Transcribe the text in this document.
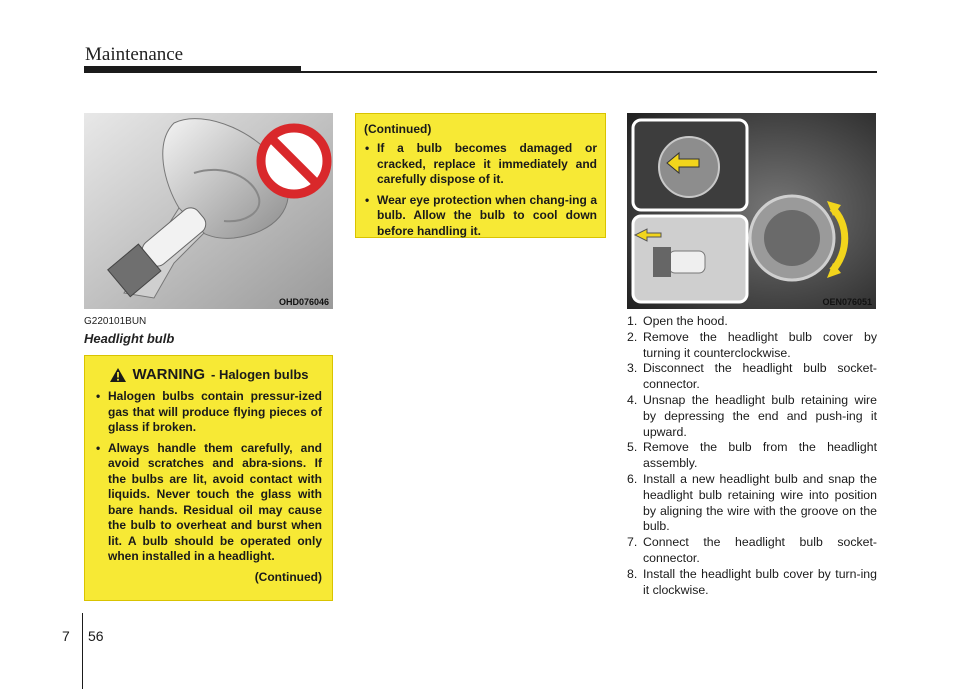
Maintenance
OHD076046
G220101BUN
Headlight bulb
WARNING - Halogen bulbs
• Halogen bulbs contain pressur-ized gas that will produce flying pieces of glass if broken.
• Always handle them carefully, and avoid scratches and abra-sions. If the bulbs are lit, avoid contact with liquids. Never touch the glass with bare hands. Residual oil may cause the bulb to overheat and burst when lit. A bulb should be operated only when installed in a headlight.
(Continued)
(Continued)
• If a bulb becomes damaged or cracked, replace it immediately and carefully dispose of it.
• Wear eye protection when chang-ing a bulb. Allow the bulb to cool down before handling it.
OEN076051
1. Open the hood.
2. Remove the headlight bulb cover by turning it counterclockwise.
3. Disconnect the headlight bulb socket-connector.
4. Unsnap the headlight bulb retaining wire by depressing the end and push-ing it upward.
5. Remove the bulb from the headlight assembly.
6. Install a new headlight bulb and snap the headlight bulb retaining wire into position by aligning the wire with the groove on the bulb.
7. Connect the headlight bulb socket-connector.
8. Install the headlight bulb cover by turn-ing it clockwise.
7 56
